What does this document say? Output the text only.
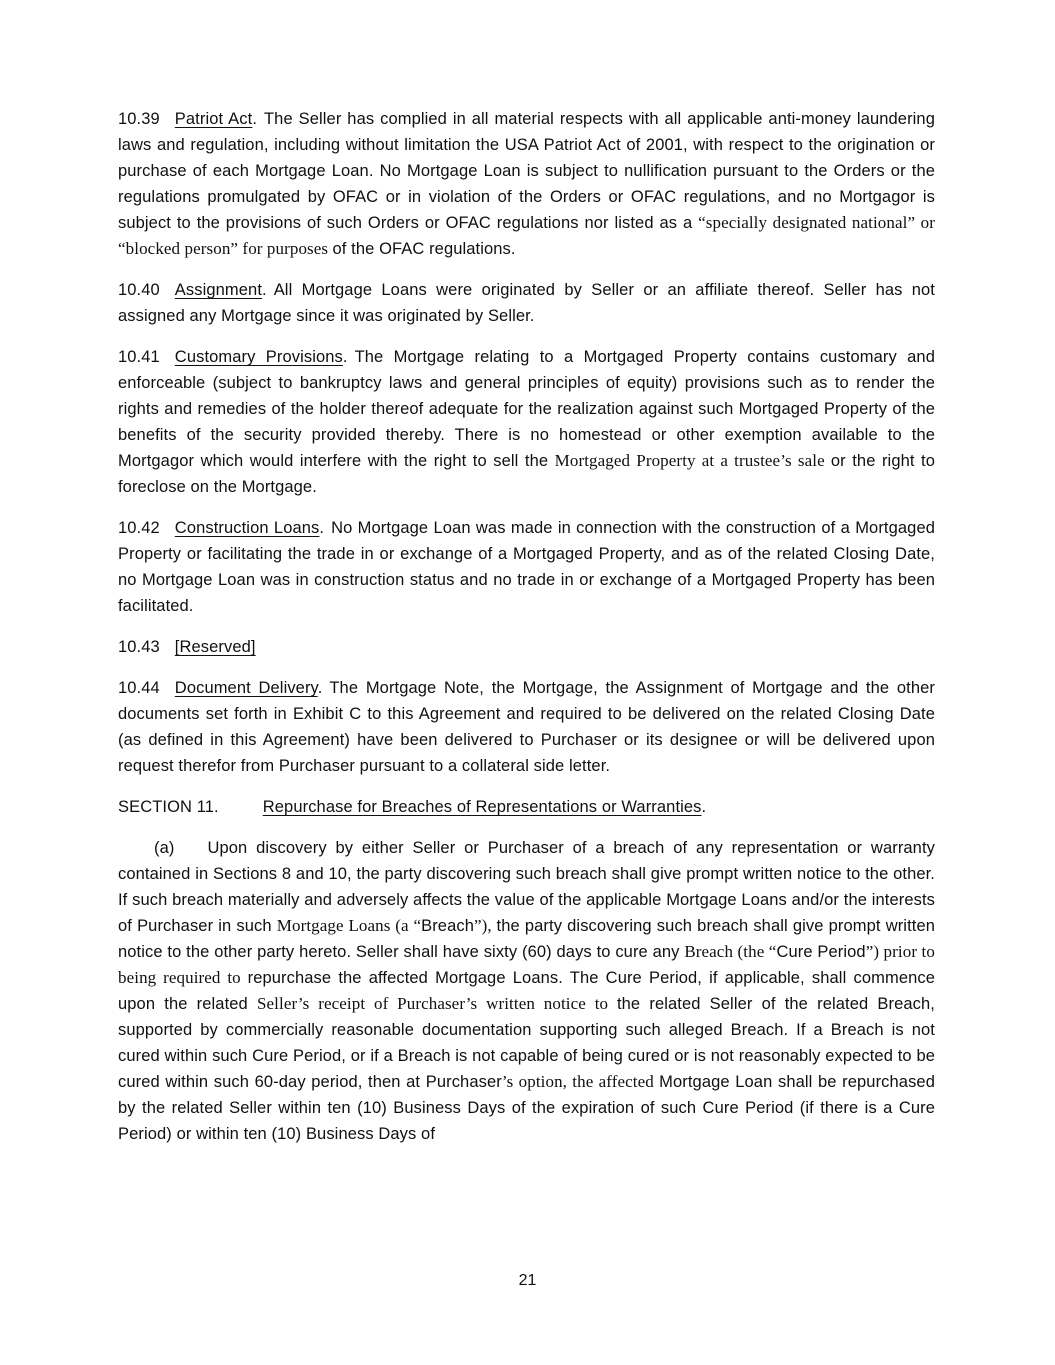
10.39 Patriot Act. The Seller has complied in all material respects with all applicable anti-money laundering laws and regulation, including without limitation the USA Patriot Act of 2001, with respect to the origination or purchase of each Mortgage Loan. No Mortgage Loan is subject to nullification pursuant to the Orders or the regulations promulgated by OFAC or in violation of the Orders or OFAC regulations, and no Mortgagor is subject to the provisions of such Orders or OFAC regulations nor listed as a “specially designated national” or “blocked person” for purposes of the OFAC regulations.

10.40 Assignment. All Mortgage Loans were originated by Seller or an affiliate thereof. Seller has not assigned any Mortgage since it was originated by Seller.

10.41 Customary Provisions. The Mortgage relating to a Mortgaged Property contains customary and enforceable (subject to bankruptcy laws and general principles of equity) provisions such as to render the rights and remedies of the holder thereof adequate for the realization against such Mortgaged Property of the benefits of the security provided thereby. There is no homestead or other exemption available to the Mortgagor which would interfere with the right to sell the Mortgaged Property at a trustee’s sale or the right to foreclose on the Mortgage.

10.42 Construction Loans. No Mortgage Loan was made in connection with the construction of a Mortgaged Property or facilitating the trade in or exchange of a Mortgaged Property, and as of the related Closing Date, no Mortgage Loan was in construction status and no trade in or exchange of a Mortgaged Property has been facilitated.

10.43 [Reserved]

10.44 Document Delivery. The Mortgage Note, the Mortgage, the Assignment of Mortgage and the other documents set forth in Exhibit C to this Agreement and required to be delivered on the related Closing Date (as defined in this Agreement) have been delivered to Purchaser or its designee or will be delivered upon request therefor from Purchaser pursuant to a collateral side letter.

SECTION 11.	Repurchase for Breaches of Representations or Warranties.

(a) Upon discovery by either Seller or Purchaser of a breach of any representation or warranty contained in Sections 8 and 10, the party discovering such breach shall give prompt written notice to the other. If such breach materially and adversely affects the value of the applicable Mortgage Loans and/or the interests of Purchaser in such Mortgage Loans (a “Breach”), the party discovering such breach shall give prompt written notice to the other party hereto. Seller shall have sixty (60) days to cure any Breach (the “Cure Period”) prior to being required to repurchase the affected Mortgage Loans. The Cure Period, if applicable, shall commence upon the related Seller’s receipt of Purchaser’s written notice to the related Seller of the related Breach, supported by commercially reasonable documentation supporting such alleged Breach. If a Breach is not cured within such Cure Period, or if a Breach is not capable of being cured or is not reasonably expected to be cured within such 60-day period, then at Purchaser’s option, the affected Mortgage Loan shall be repurchased by the related Seller within ten (10) Business Days of the expiration of such Cure Period (if there is a Cure Period) or within ten (10) Business Days of

21
